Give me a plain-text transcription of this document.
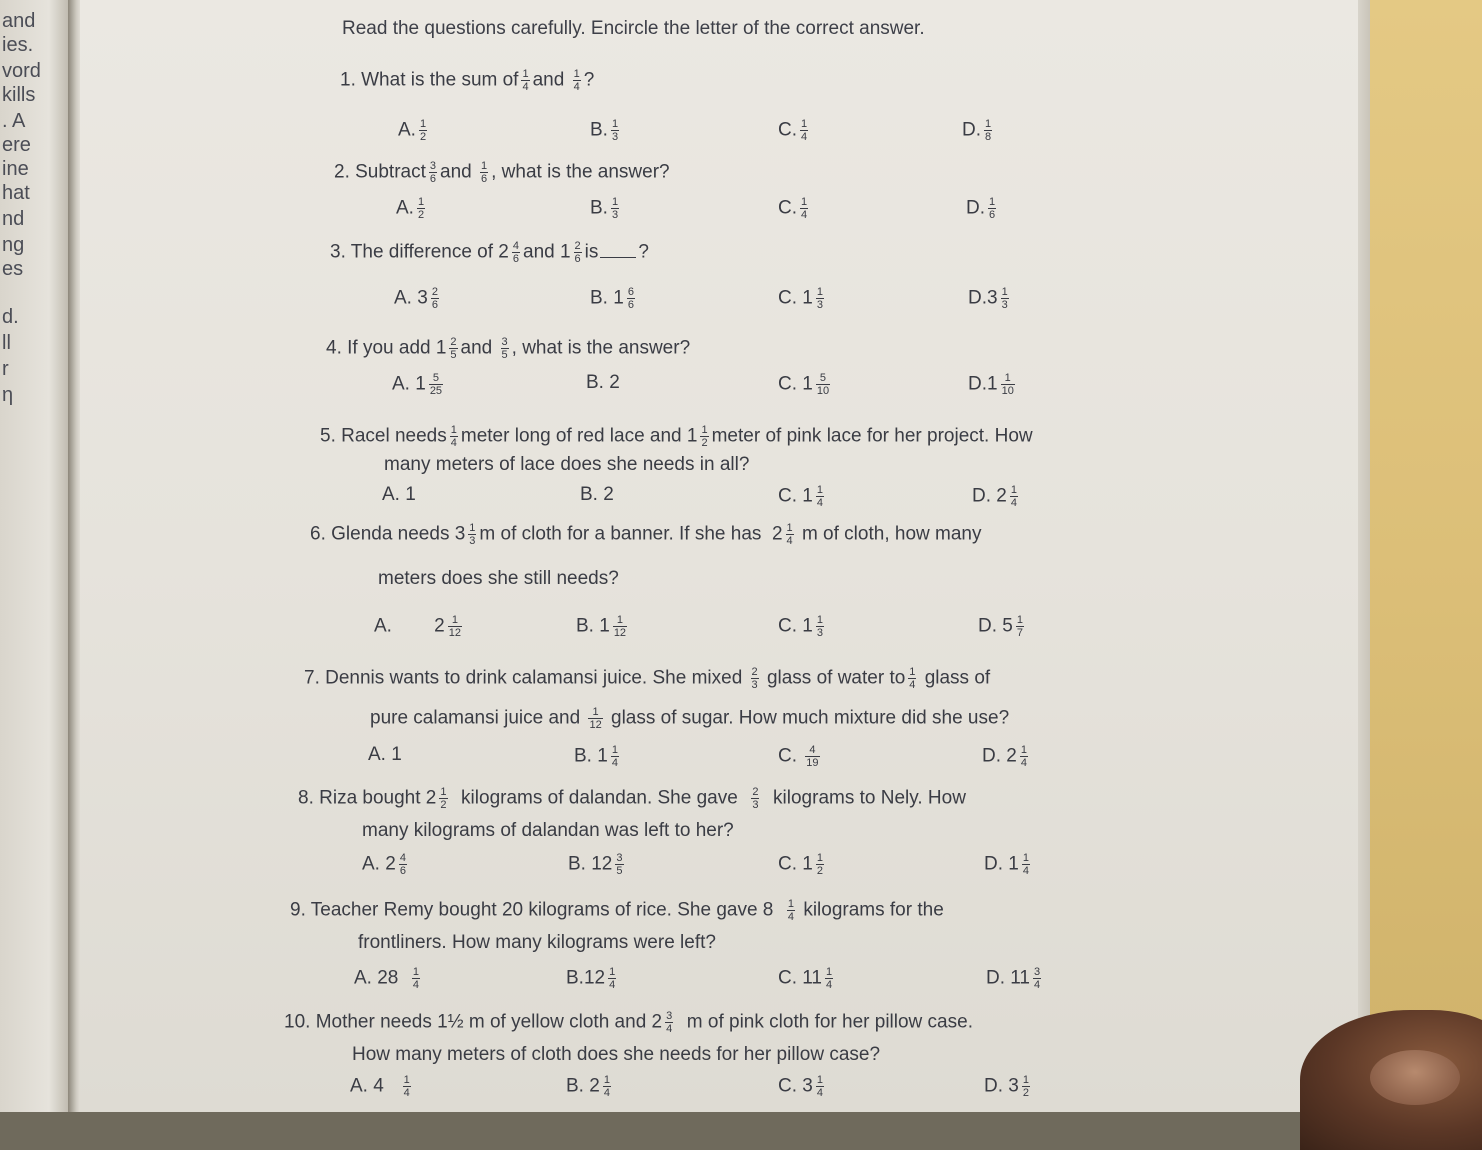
and
ies.
vord
kills
. A
ere
ine
hat
nd
ng
es
d.
ll
r
η
Read the questions carefully. Encircle the letter of the correct answer.
1. What is the sum of $\frac{1}{4}$ and $\frac{1}{4}$ ?
A. $\frac{1}{2}$	B. $\frac{1}{3}$	C. $\frac{1}{4}$	D. $\frac{1}{8}$
2. Subtract $\frac{3}{6}$ and $\frac{1}{6}$ , what is the answer?
A. $\frac{1}{2}$	B. $\frac{1}{3}$	C. $\frac{1}{4}$	D. $\frac{1}{6}$
3. The difference of $2 \frac{4}{6}$ and $1 \frac{2}{6}$ is ?
A. $3 \frac{2}{6}$	B. $1 \frac{6}{6}$	C. $1 \frac{1}{3}$	$D.3 \frac{1}{3}$
4. If you add $1 \frac{2}{5}$ and $\frac{3}{5}$ , what is the answer?
A. $1 \frac{5}{25}$	B. 2	C. $1 \frac{5}{10}$	$D.1 \frac{1}{10}$
5. Racel needs $\frac{1}{4}$ meter long of red lace and $1 \frac{1}{2}$ meter of pink lace for her project. How
many meters of lace does she needs in all?
A. 1	B. 2	C. $1 \frac{1}{4}$	D. $2 \frac{1}{4}$
6. Glenda needs $3 \frac{1}{3}$ m of cloth for a banner. If she has  $2 \frac{1}{4}$ m of cloth, how many
meters does she still needs?
A.        $2 \frac{1}{12}$	B. $1 \frac{1}{12}$	C. $1 \frac{1}{3}$	D. $5 \frac{1}{7}$
7. Dennis wants to drink calamansi juice. She mixed $\frac{2}{3}$ glass of water to $\frac{1}{4}$ glass of
pure calamansi juice and $\frac{1}{12}$ glass of sugar. How much mixture did she use?
A. 1	B. $1 \frac{1}{4}$	C. $\frac{4}{19}$	D. $2 \frac{1}{4}$
8. Riza bought $2 \frac{1}{2}$ kilograms of dalandan. She gave $\frac{2}{3}$ kilograms to Nely. How
many kilograms of dalandan was left to her?
A. $2 \frac{4}{6}$	B. $12 \frac{3}{5}$	C. $1 \frac{1}{2}$	D. $1 \frac{1}{4}$
9. Teacher Remy bought 20 kilograms of rice. She gave $8 \frac{1}{4}$ kilograms for the
frontliners. How many kilograms were left?
A. $28 \frac{1}{4}$	$B.12 \frac{1}{4}$	C. $11 \frac{1}{4}$	D. $11 \frac{3}{4}$
10. Mother needs 1½ m of yellow cloth and $2 \frac{3}{4}$ m of pink cloth for her pillow case.
How many meters of cloth does she needs for her pillow case?
A. $4 \frac{1}{4}$	B. $2 \frac{1}{4}$	C. $3 \frac{1}{4}$	D. $3 \frac{1}{2}$
